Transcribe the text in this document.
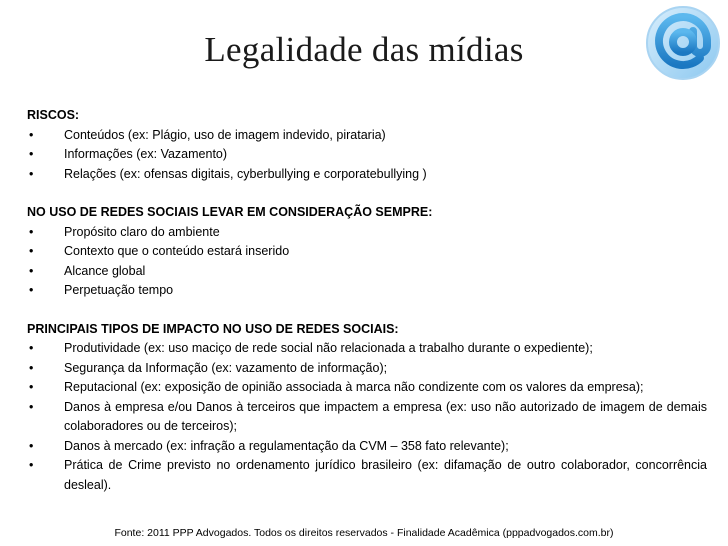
Legalidade das mídias
RISCOS:
•	Conteúdos (ex: Plágio, uso de imagem indevido, pirataria)
•	Informações (ex: Vazamento)
•	Relações (ex: ofensas digitais, cyberbullying e corporatebullying )
NO USO DE REDES SOCIAIS LEVAR EM CONSIDERAÇÃO SEMPRE:
•	Propósito claro do ambiente
•	Contexto que o conteúdo estará inserido
•	Alcance global
•	Perpetuação tempo
PRINCIPAIS TIPOS DE IMPACTO NO USO DE REDES SOCIAIS:
•	Produtividade (ex: uso maciço de rede social não relacionada a trabalho durante o expediente);
•	Segurança da Informação (ex: vazamento de informação);
•	Reputacional (ex: exposição de opinião associada à marca não condizente com os valores da empresa);
•	Danos à empresa e/ou Danos à terceiros que impactem a empresa (ex: uso não autorizado de imagem de demais colaboradores ou de terceiros);
•	Danos à mercado (ex: infração a regulamentação da CVM – 358 fato relevante);
•	Prática de Crime previsto no ordenamento jurídico brasileiro (ex: difamação de outro colaborador, concorrência desleal).
Fonte: 2011 PPP Advogados. Todos os direitos reservados - Finalidade Acadêmica (pppadvogados.com.br)
